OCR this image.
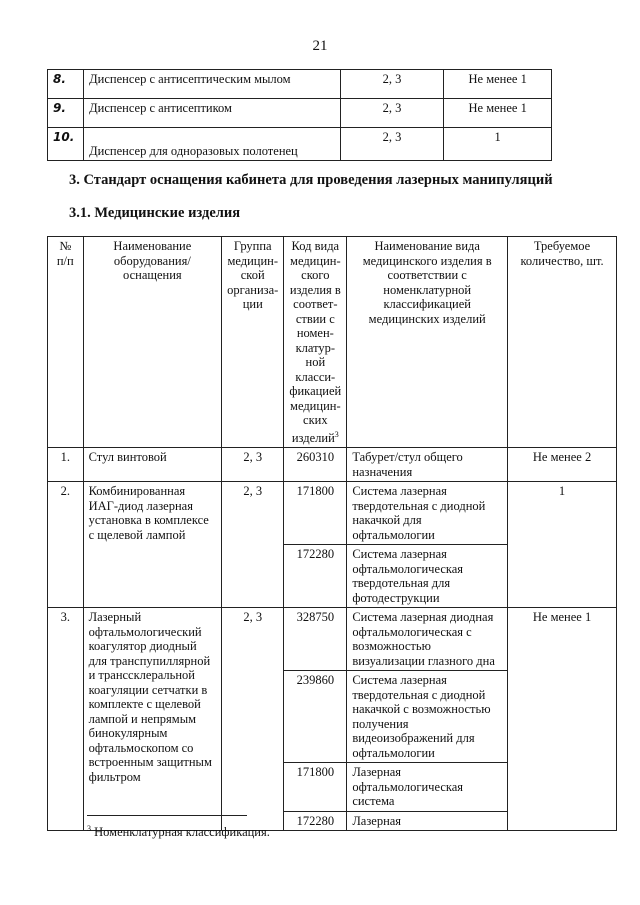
21
8.	Диспенсер с антисептическим мылом	2, 3	Не менее 1
9.	Диспенсер с антисептиком	2, 3	Не менее 1
10.	Диспенсер для одноразовых полотенец	2, 3	1
3. Стандарт оснащения кабинета для проведения лазерных манипуляций
3.1. Медицинские изделия
№ п/п	Наименование оборудования/ оснащения	Группа медицин-ской организа-ции	Код вида медицин-ского изделия в соответ-ствии с номен-клатур-ной класси-фикацией медицин-ских изделий$^3$	Наименование вида медицинского изделия в соответствии с номенклатурной классификацией медицинских изделий	Требуемое количество, шт.
1.	Стул винтовой	2, 3	260310	Табурет/стул общего назначения	Не менее 2
2.	Комбинированная ИАГ-диод лазерная установка в комплексе с щелевой лампой	2, 3	171800	Система лазерная твердотельная с диодной накачкой для офтальмологии	1
			172280	Система лазерная офтальмологическая твердотельная для фотодеструкции	
3.	Лазерный офтальмологический коагулятор диодный для транспупиллярной и транссклеральной коагуляции сетчатки в комплекте с щелевой лампой и непрямым бинокулярным офтальмоскопом со встроенным защитным фильтром	2, 3	328750	Система лазерная диодная офтальмологическая с возможностью визуализации глазного дна	Не менее 1
			239860	Система лазерная твердотельная с диодной накачкой с возможностью получения видеоизображений для офтальмологии	
			171800	Лазерная офтальмологическая система	
			172280	Лазерная	
$^3$ Номенклатурная классификация.
